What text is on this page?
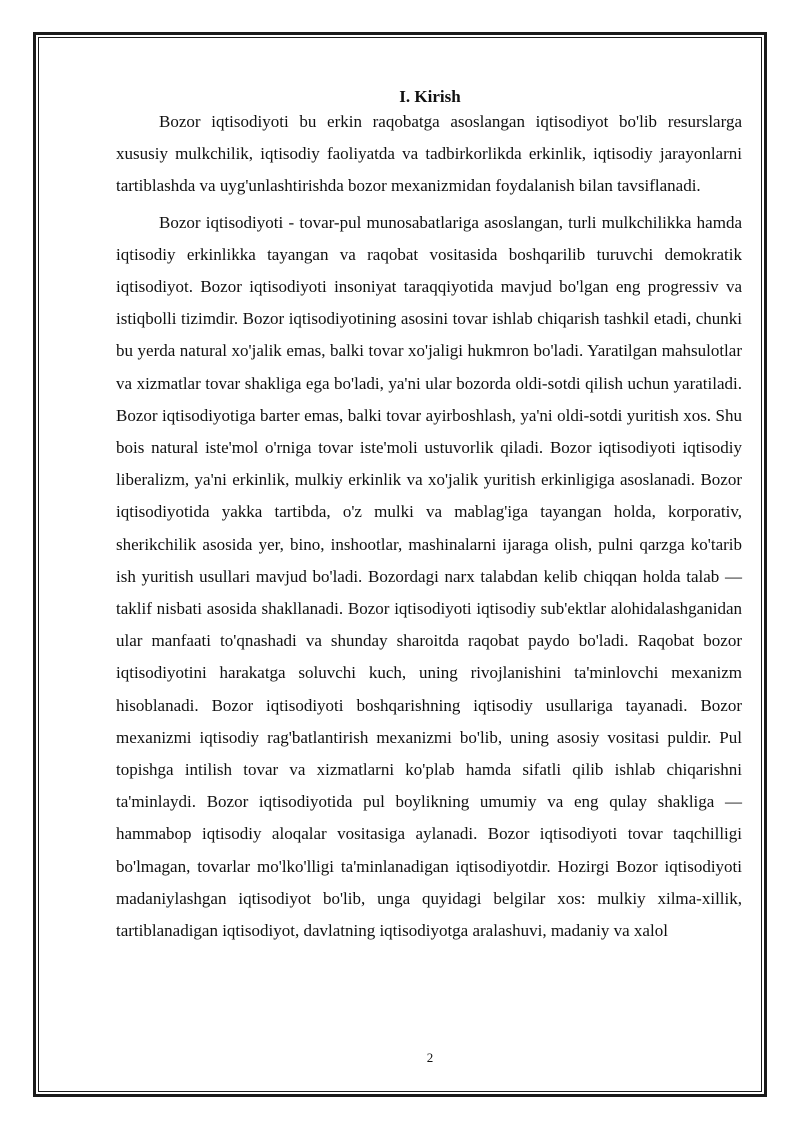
I. Kirish

Bozor iqtisodiyoti bu erkin raqobatga asoslangan iqtisodiyot bo'lib resurslarga xususiy mulkchilik, iqtisodiy faoliyatda va tadbirkorlikda erkinlik, iqtisodiy jarayonlarni tartiblashda va uyg'unlashtirishda bozor mexanizmidan foydalanish bilan tavsiflanadi.

Bozor iqtisodiyoti - tovar-pul munosabatlariga asoslangan, turli mulkchilikka hamda iqtisodiy erkinlikka tayangan va raqobat vositasida boshqarilib turuvchi demokratik iqtisodiyot. Bozor iqtisodiyoti insoniyat taraqqiyotida mavjud bo'lgan eng progressiv va istiqbolli tizimdir. Bozor iqtisodiyotining asosini tovar ishlab chiqarish tashkil etadi, chunki bu yerda natural xo'jalik emas, balki tovar xo'jaligi hukmron bo'ladi. Yaratilgan mahsulotlar va xizmatlar tovar shakliga ega bo'ladi, ya'ni ular bozorda oldi-sotdi qilish uchun yaratiladi. Bozor iqtisodiyotiga barter emas, balki tovar ayirboshlash, ya'ni oldi-sotdi yuritish xos. Shu bois natural iste'mol o'rniga tovar iste'moli ustuvorlik qiladi. Bozor iqtisodiyoti iqtisodiy liberalizm, ya'ni erkinlik, mulkiy erkinlik va xo'jalik yuritish erkinligiga asoslanadi. Bozor iqtisodiyotida yakka tartibda, o'z mulki va mablag'iga tayangan holda, korporativ, sherikchilik asosida yer, bino, inshootlar, mashinalarni ijaraga olish, pulni qarzga ko'tarib ish yuritish usullari mavjud bo'ladi. Bozordagi narx talabdan kelib chiqqan holda talab — taklif nisbati asosida shakllanadi. Bozor iqtisodiyoti iqtisodiy sub'ektlar alohidalashganidan ular manfaati to'qnashadi va shunday sharoitda raqobat paydo bo'ladi. Raqobat bozor iqtisodiyotini harakatga soluvchi kuch, uning rivojlanishini ta'minlovchi mexanizm hisoblanadi. Bozor iqtisodiyoti boshqarishning iqtisodiy usullariga tayanadi. Bozor mexanizmi iqtisodiy rag'batlantirish mexanizmi bo'lib, uning asosiy vositasi puldir. Pul topishga intilish tovar va xizmatlarni ko'plab hamda sifatli qilib ishlab chiqarishni ta'minlaydi. Bozor iqtisodiyotida pul boylikning umumiy va eng qulay shakliga — hammabop iqtisodiy aloqalar vositasiga aylanadi. Bozor iqtisodiyoti tovar taqchilligi bo'lmagan, tovarlar mo'lko'lligi ta'minlanadigan iqtisodiyotdir. Hozirgi Bozor iqtisodiyoti madaniylashgan iqtisodiyot bo'lib, unga quyidagi belgilar xos: mulkiy xilma-xillik, tartiblanadigan iqtisodiyot, davlatning iqtisodiyotga aralashuvi, madaniy va xalol

2
